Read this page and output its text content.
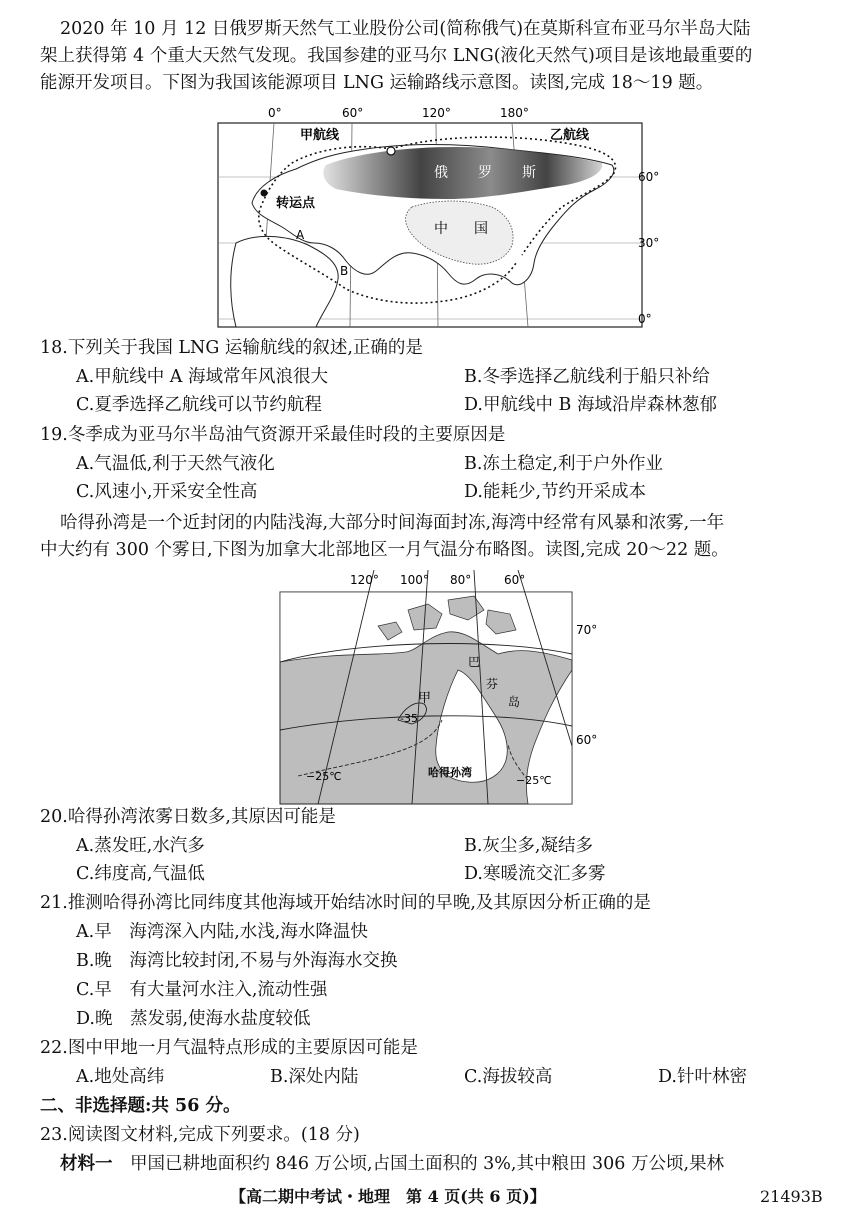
2020 年 10 月 12 日俄罗斯天然气工业股份公司(简称俄气)在莫斯科宣布亚马尔半岛大陆
架上获得第 4 个重大天然气发现。我国参建的亚马尔 LNG(液化天然气)项目是该地最重要的
能源开发项目。下图为我国该能源项目 LNG 运输路线示意图。读图,完成 18～19 题。
0°	60°	120°	180°
60°
30°
0°
甲航线	乙航线
转运点
俄 罗 斯
中 国
A
B
18.下列关于我国 LNG 运输航线的叙述,正确的是
A.甲航线中 A 海域常年风浪很大	B.冬季选择乙航线利于船只补给
C.夏季选择乙航线可以节约航程	D.甲航线中 B 海域沿岸森林葱郁
19.冬季成为亚马尔半岛油气资源开采最佳时段的主要原因是
A.气温低,利于天然气液化	B.冻土稳定,利于户外作业
C.风速小,开采安全性高	D.能耗少,节约开采成本
哈得孙湾是一个近封闭的内陆浅海,大部分时间海面封冻,海湾中经常有风暴和浓雾,一年
中大约有 300 个雾日,下图为加拿大北部地区一月气温分布略图。读图,完成 20～22 题。
120° 100° 80°	60°
70°
60°
巴
芬
岛
甲
-35
−25℃	−25℃
哈得孙湾
20.哈得孙湾浓雾日数多,其原因可能是
A.蒸发旺,水汽多	B.灰尘多,凝结多
C.纬度高,气温低	D.寒暖流交汇多雾
21.推测哈得孙湾比同纬度其他海域开始结冰时间的早晚,及其原因分析正确的是
A.早　海湾深入内陆,水浅,海水降温快
B.晚　海湾比较封闭,不易与外海海水交换
C.早　有大量河水注入,流动性强
D.晚　蒸发弱,使海水盐度较低
22.图中甲地一月气温特点形成的主要原因可能是
A.地处高纬	B.深处内陆	C.海拔较高	D.针叶林密
二、非选择题:共 56 分。
23.阅读图文材料,完成下列要求。(18 分)
材料一　甲国已耕地面积约 846 万公顷,占国土面积的 3%,其中粮田 306 万公顷,果林
【高二期中考试・地理　第 4 页(共 6 页)】	21493B
